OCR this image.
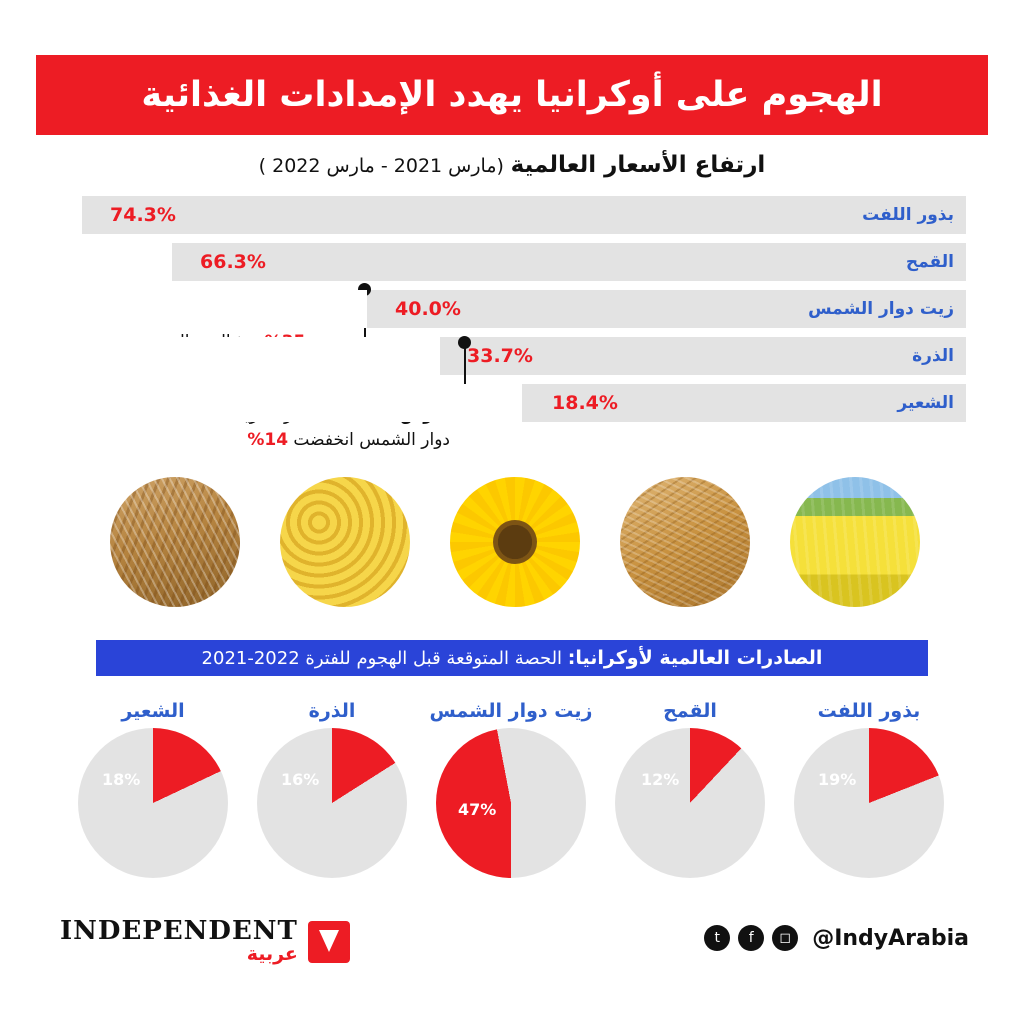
الهجوم على أوكرانيا يهدد الإمدادات الغذائية
ارتفاع الأسعار العالمية (مارس 2021 - مارس 2022 )
بذور اللفت
74.3%
القمح
66.3%
زيت دوار الشمس
40.0%
الذرة
33.7%
الشعير
18.4%
دوار الشمس انخفضت 14%
الصادرات العالمية لأوكرانيا: الحصة المتوقعة قبل الهجوم للفترة 2022-2021
الشعير
18%
الذرة
16%
زيت دوار الشمس
47%
القمح
12%
بذور اللفت
19%
INDEPENDENT
عربية
t	f	◻ @IndyArabia
